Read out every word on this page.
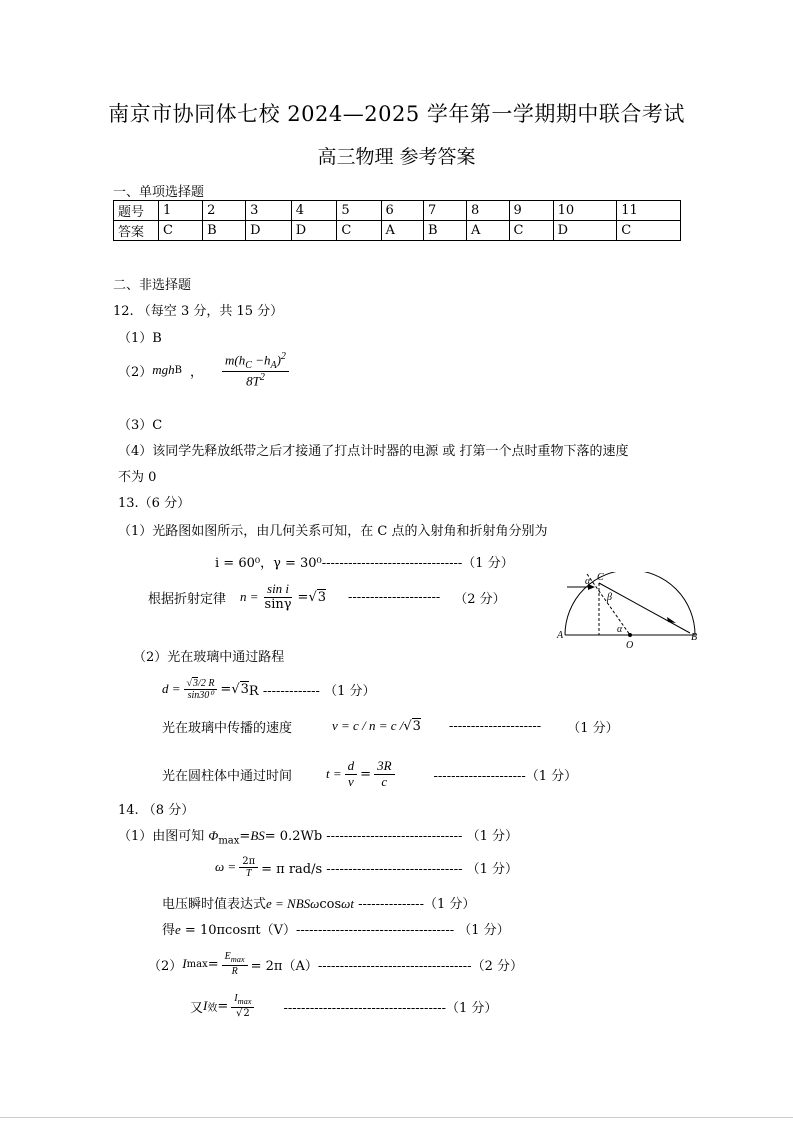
南京市协同体七校 2024—2025 学年第一学期期中联合考试
高三物理 参考答案
一、单项选择题
题号	1	2	3	4	5	6	7	8	9	10	11
答案	C	B	D	D	C	A	B	A	C	D	C
二、非选择题
12. （每空 3 分，共 15 分）
（1）B
（2） mgh B ， $\frac{m(h_C -h_A)^2}{8T^2}$
（3）C
（4）该同学先释放纸带之后才接通了打点计时器的电源 或 打第一个点时重物下落的速度
不为 0
13.（6 分）
（1）光路图如图所示，由几何关系可知，在 C 点的入射角和折射角分别为
i = 60⁰，γ = 30⁰--------------------------------（1 分）
根据折射定律 $n = \frac{\text{sin i}}{\sin\gamma}$ = √ 3 --------------------- （2 分）
α C
β
α
A
O
B
（2）光在玻璃中通过路程
$d = \frac{√3/2 R}{\text{sin30⁰}}$ = √ 3 R ------------- （1 分）
光在玻璃中传播的速度	v = c / n = c / √ 3 --------------------- （1 分）
光在圆柱体中通过时间	$t = \frac{d}{v} = \frac{3R}{c}$	---------------------（1 分）
14. （8 分）
（1）由图可知 $\Phi_{max}=BS= 0.2Wb$ ------------------------------- （1 分）
$\omega = \frac{2\pi}{T} = \pi$ rad/s ------------------------------- （1 分）
电压瞬时值表达式e = NBSωcosωt ---------------（1 分）
得e = 10πcosπt（V）------------------------------------ （1 分）
（2） I $\max = \frac{E_{max}}{R} = 2\pi(A)-----------------------------------(2$ 分）
又 I 效 = $\frac{I_{max}}{√2} -------------------------------------(1$ 分）
